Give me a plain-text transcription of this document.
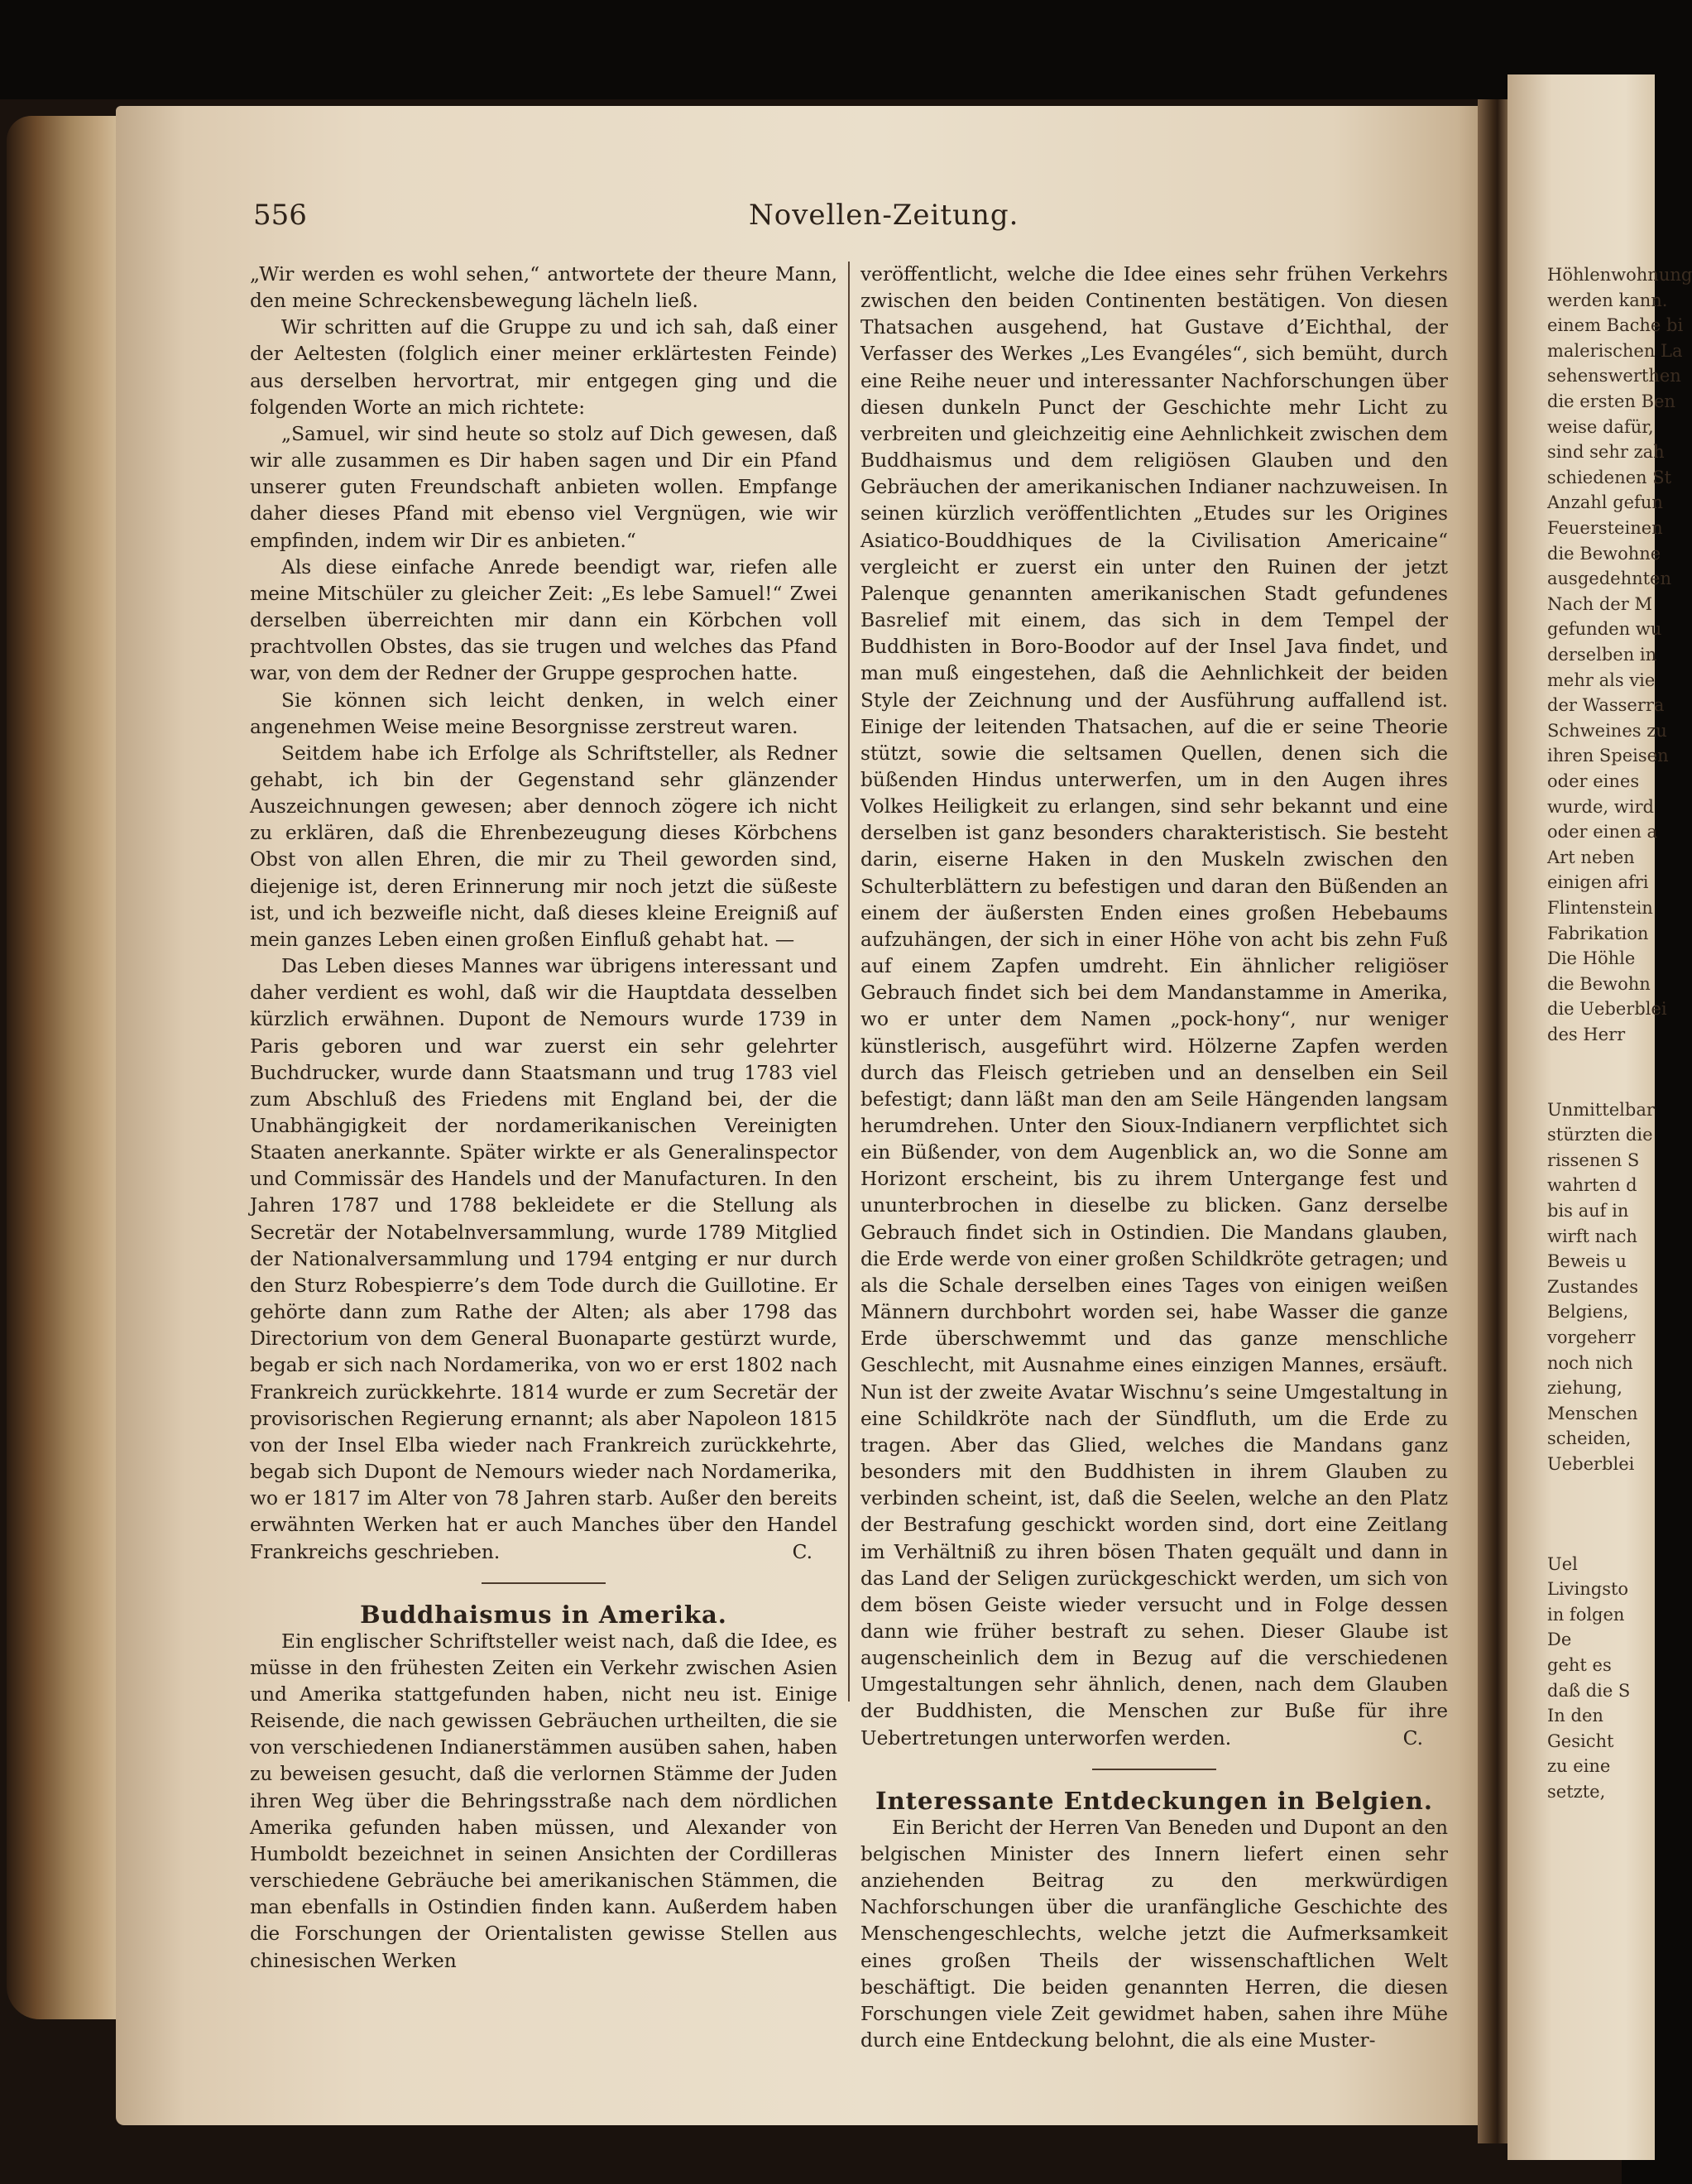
Höhlenwohnung
werden kann.
einem Bache bi
malerischen La
sehenswerthen
die ersten Ben
weise dafür,
sind sehr zah
schiedenen St
Anzahl gefun
Feuersteinen
die Bewohne
ausgedehnten
Nach der M
gefunden wu
derselben in
mehr als vie
der Wasserra
Schweines zu
ihren Speisen
oder eines
wurde, wird
oder einen a
Art neben
einigen afri
Flintenstein
Fabrikation
Die Höhle
die Bewohn
die Ueberblei
des Herr
Unmittelbar
stürzten die
rissenen S
wahrten d
bis auf in
wirft nach
Beweis u
Zustandes
Belgiens,
vorgeherr
noch nich
ziehung,
Menschen
scheiden,
Ueberblei
Uel
Livingsto
in folgen
De
geht es
daß die S
In den
Gesicht
zu eine
setzte,
556	Novellen-Zeitung.

„Wir werden es wohl sehen,“ antwortete der theure Mann, den meine Schreckensbewegung lächeln ließ.

Wir schritten auf die Gruppe zu und ich sah, daß einer der Aeltesten (folglich einer meiner erklärtesten Feinde) aus derselben hervortrat, mir entgegen ging und die folgenden Worte an mich richtete:

„Samuel, wir sind heute so stolz auf Dich gewesen, daß wir alle zusammen es Dir haben sagen und Dir ein Pfand unserer guten Freundschaft anbieten wollen. Empfange daher dieses Pfand mit ebenso viel Vergnügen, wie wir empfinden, indem wir Dir es anbieten.“

Als diese einfache Anrede beendigt war, riefen alle meine Mitschüler zu gleicher Zeit: „Es lebe Samuel!“ Zwei derselben überreichten mir dann ein Körbchen voll prachtvollen Obstes, das sie trugen und welches das Pfand war, von dem der Redner der Gruppe gesprochen hatte.

Sie können sich leicht denken, in welch einer angenehmen Weise meine Besorgnisse zerstreut waren.

Seitdem habe ich Erfolge als Schriftsteller, als Redner gehabt, ich bin der Gegenstand sehr glänzender Auszeichnungen gewesen; aber dennoch zögere ich nicht zu erklären, daß die Ehrenbezeugung dieses Körbchens Obst von allen Ehren, die mir zu Theil geworden sind, diejenige ist, deren Erinnerung mir noch jetzt die süßeste ist, und ich bezweifle nicht, daß dieses kleine Ereigniß auf mein ganzes Leben einen großen Einfluß gehabt hat. —

Das Leben dieses Mannes war übrigens interessant und daher verdient es wohl, daß wir die Hauptdata desselben kürzlich erwähnen. Dupont de Nemours wurde 1739 in Paris geboren und war zuerst ein sehr gelehrter Buchdrucker, wurde dann Staatsmann und trug 1783 viel zum Abschluß des Friedens mit England bei, der die Unabhängigkeit der nordamerikanischen Vereinigten Staaten anerkannte. Später wirkte er als Generalinspector und Commissär des Handels und der Manufacturen. In den Jahren 1787 und 1788 bekleidete er die Stellung als Secretär der Notabelnversammlung, wurde 1789 Mitglied der Nationalversammlung und 1794 entging er nur durch den Sturz Robespierre’s dem Tode durch die Guillotine. Er gehörte dann zum Rathe der Alten; als aber 1798 das Directorium von dem General Buonaparte gestürzt wurde, begab er sich nach Nordamerika, von wo er erst 1802 nach Frankreich zurückkehrte. 1814 wurde er zum Secretär der provisorischen Regierung ernannt; als aber Napoleon 1815 von der Insel Elba wieder nach Frankreich zurückkehrte, begab sich Dupont de Nemours wieder nach Nordamerika, wo er 1817 im Alter von 78 Jahren starb. Außer den bereits erwähnten Werken hat er auch Manches über den Handel Frankreichs geschrieben.	C.

Buddhaismus in Amerika.

Ein englischer Schriftsteller weist nach, daß die Idee, es müsse in den frühesten Zeiten ein Verkehr zwischen Asien und Amerika stattgefunden haben, nicht neu ist. Einige Reisende, die nach gewissen Gebräuchen urtheilten, die sie von verschiedenen Indianerstämmen ausüben sahen, haben zu beweisen gesucht, daß die verlornen Stämme der Juden ihren Weg über die Behringsstraße nach dem nördlichen Amerika gefunden haben müssen, und Alexander von Humboldt bezeichnet in seinen Ansichten der Cordilleras verschiedene Gebräuche bei amerikanischen Stämmen, die man ebenfalls in Ostindien finden kann. Außerdem haben die Forschungen der Orientalisten gewisse Stellen aus chinesischen Werken

veröffentlicht, welche die Idee eines sehr frühen Verkehrs zwischen den beiden Continenten bestätigen. Von diesen Thatsachen ausgehend, hat Gustave d’Eichthal, der Verfasser des Werkes „Les Evangéles“, sich bemüht, durch eine Reihe neuer und interessanter Nachforschungen über diesen dunkeln Punct der Geschichte mehr Licht zu verbreiten und gleichzeitig eine Aehnlichkeit zwischen dem Buddhaismus und dem religiösen Glauben und den Gebräuchen der amerikanischen Indianer nachzuweisen. In seinen kürzlich veröffentlichten „Etudes sur les Origines Asiatico-Bouddhiques de la Civilisation Americaine“ vergleicht er zuerst ein unter den Ruinen der jetzt Palenque genannten amerikanischen Stadt gefundenes Basrelief mit einem, das sich in dem Tempel der Buddhisten in Boro-Boodor auf der Insel Java findet, und man muß eingestehen, daß die Aehnlichkeit der beiden Style der Zeichnung und der Ausführung auffallend ist. Einige der leitenden Thatsachen, auf die er seine Theorie stützt, sowie die seltsamen Quellen, denen sich die büßenden Hindus unterwerfen, um in den Augen ihres Volkes Heiligkeit zu erlangen, sind sehr bekannt und eine derselben ist ganz besonders charakteristisch. Sie besteht darin, eiserne Haken in den Muskeln zwischen den Schulterblättern zu befestigen und daran den Büßenden an einem der äußersten Enden eines großen Hebebaums aufzuhängen, der sich in einer Höhe von acht bis zehn Fuß auf einem Zapfen umdreht. Ein ähnlicher religiöser Gebrauch findet sich bei dem Mandanstamme in Amerika, wo er unter dem Namen „pock-hony“, nur weniger künstlerisch, ausgeführt wird. Hölzerne Zapfen werden durch das Fleisch getrieben und an denselben ein Seil befestigt; dann läßt man den am Seile Hängenden langsam herumdrehen. Unter den Sioux-Indianern verpflichtet sich ein Büßender, von dem Augenblick an, wo die Sonne am Horizont erscheint, bis zu ihrem Untergange fest und ununterbrochen in dieselbe zu blicken. Ganz derselbe Gebrauch findet sich in Ostindien. Die Mandans glauben, die Erde werde von einer großen Schildkröte getragen; und als die Schale derselben eines Tages von einigen weißen Männern durchbohrt worden sei, habe Wasser die ganze Erde überschwemmt und das ganze menschliche Geschlecht, mit Ausnahme eines einzigen Mannes, ersäuft. Nun ist der zweite Avatar Wischnu’s seine Umgestaltung in eine Schildkröte nach der Sündfluth, um die Erde zu tragen. Aber das Glied, welches die Mandans ganz besonders mit den Buddhisten in ihrem Glauben zu verbinden scheint, ist, daß die Seelen, welche an den Platz der Bestrafung geschickt worden sind, dort eine Zeitlang im Verhältniß zu ihren bösen Thaten gequält und dann in das Land der Seligen zurückgeschickt werden, um sich von dem bösen Geiste wieder versucht und in Folge dessen dann wie früher bestraft zu sehen. Dieser Glaube ist augenscheinlich dem in Bezug auf die verschiedenen Umgestaltungen sehr ähnlich, denen, nach dem Glauben der Buddhisten, die Menschen zur Buße für ihre Uebertretungen unterworfen werden.	C.

Interessante Entdeckungen in Belgien.

Ein Bericht der Herren Van Beneden und Dupont an den belgischen Minister des Innern liefert einen sehr anziehenden Beitrag zu den merkwürdigen Nachforschungen über die uranfängliche Geschichte des Menschengeschlechts, welche jetzt die Aufmerksamkeit eines großen Theils der wissenschaftlichen Welt beschäftigt. Die beiden genannten Herren, die diesen Forschungen viele Zeit gewidmet haben, sahen ihre Mühe durch eine Entdeckung belohnt, die als eine Muster-
